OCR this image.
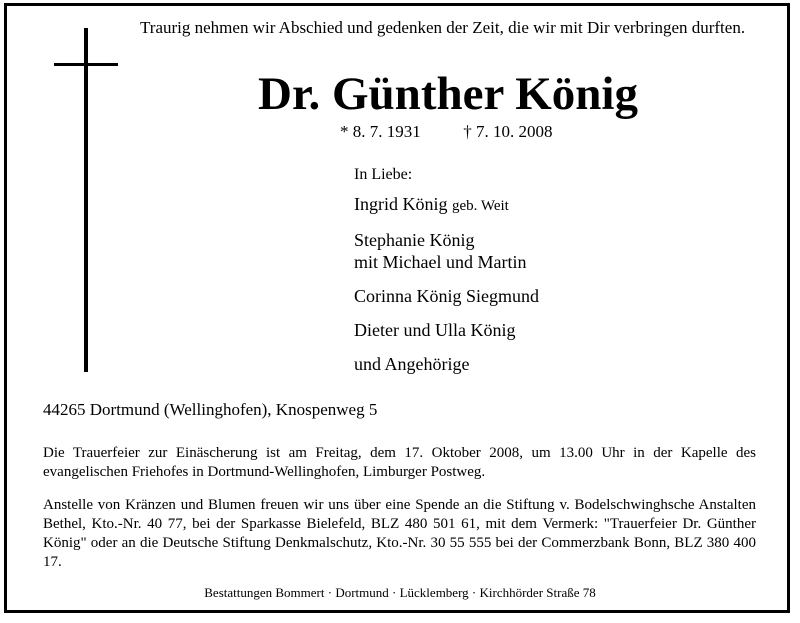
Traurig nehmen wir Abschied und gedenken der Zeit, die wir mit Dir verbringen durften.
Dr. Günther König
* 8. 7. 1931	† 7. 10. 2008
In Liebe:
Ingrid König geb. Weit
Stephanie König
mit Michael und Martin
Corinna König Siegmund
Dieter und Ulla König
und Angehörige
44265 Dortmund (Wellinghofen), Knospenweg 5
Die Trauerfeier zur Einäscherung ist am Freitag, dem 17. Oktober 2008, um 13.00 Uhr in der Kapelle des evangelischen Friehofes in Dortmund-Wellinghofen, Limburger Postweg.
Anstelle von Kränzen und Blumen freuen wir uns über eine Spende an die Stiftung v. Bodelschwinghsche Anstalten Bethel, Kto.-Nr. 40 77, bei der Sparkasse Bielefeld, BLZ 480 501 61, mit dem Vermerk: "Trauerfeier Dr. Günther König" oder an die Deutsche Stiftung Denkmalschutz, Kto.-Nr. 30 55 555 bei der Commerzbank Bonn, BLZ 380 400 17.
Bestattungen Bommert · Dortmund · Lücklemberg · Kirchhörder Straße 78
